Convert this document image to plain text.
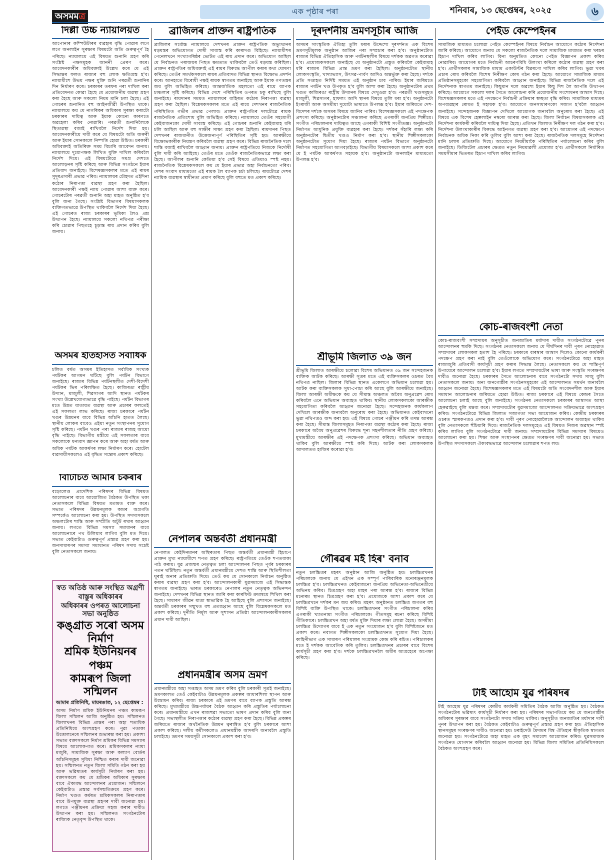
অসমমত্ৰ
এক পৃষ্ঠাৰ পৰা	শনিবাৰ, ১৩ ছেপ্তেম্বৰ, ২০২৫	৬
দিল্লী উচ্চ ন্যায়ালয়ত
আপোনাৰ কম্পিউটাৰৰ ব্যৱহাৰ বৃদ্ধি পোৱাৰ লগে লগে অনলাইন সুৰক্ষাৰ বিষয়টো অতি গুৰুত্বপূৰ্ণ হৈ পৰিছে। ন্যায়ালয়ে এই বিষয়ত শুনানি গ্ৰহণ কৰি সংশ্লিষ্ট পক্ষসমূহক জাননী প্ৰেৰণ কৰে। আবেদনকাৰীৰ অধিবক্তাই উল্লেখ কৰে যে এই সিদ্ধান্তৰ ফলত ৰাজ্যৰ বহু লোক ক্ষতিগ্ৰস্ত হ'ব। ন্যায়াধীশে উভয় পক্ষৰ যুক্তি শুনি পৰৱৰ্তী শুনানিৰ দিন নিৰ্ধাৰণ কৰে। চৰকাৰৰ তৰফৰ পৰা দাখিল কৰা প্ৰতিবেদনত কোৱা হৈছে যে প্ৰয়োজনীয় ব্যৱস্থা গ্ৰহণ কৰা হৈছে আৰু সকলো নিয়ম মানি চলা হৈছে। এই গোচৰৰ শুনানিত বহু আইনজীৱী উপস্থিত থাকে। ন্যায়ালয়ে কয় যে নাগৰিকৰ অধিকাৰ সুৰক্ষা কৰাটো চৰকাৰৰ দায়িত্ব আৰু ইয়াক কোনো কাৰণতে অৱহেলা কৰিব নোৱাৰি। পৰৱৰ্তী শুনানিলৈকে স্থিতাৱস্থা বজাই ৰাখিবলৈ নিৰ্দেশ দিয়া হয়। আবেদনকাৰীয়ে দাবী কৰে যে বিষয়টো অতি জৰুৰী আৰু ইয়াৰ সোনকালে নিষ্পত্তি হোৱা উচিত। চৰকাৰী অধিবক্তাই অতিৰিক্ত সময় বিচাৰি আবেদন জনায়। ন্যায়ালয়ে দুয়োপক্ষক লিখিত যুক্তি দাখিল কৰিবলৈ নিৰ্দেশ দিয়ে। এই বিষয়টোৱে সমগ্ৰ দেশতে আলোড়নৰ সৃষ্টি কৰিছে আৰু বিভিন্ন সংগঠনে ইয়াৰ প্ৰতিবাদ জনাইছে। বিশেষজ্ঞসকলৰ মতে এই ৰায়ৰ সুদূৰপ্ৰসাৰী প্ৰভাৱ পৰিব। ন্যায়ালয়ৰ চৌহদত এইদিনা কঠোৰ নিৰাপত্তা ব্যৱস্থা গ্ৰহণ কৰা হৈছিল। আবেদনকাৰী পক্ষই ন্যায় পোৱাৰ আশা ব্যক্ত কৰে। গোচৰটোৰ পৰৱৰ্তী শুনানি অহা মাহত অনুষ্ঠিত হ'ব বুলি জনা গৈছে। সংশ্লিষ্ট বিভাগৰ বিষয়াসকলক ব্যক্তিগতভাৱে উপস্থিত থাকিবলৈ নিৰ্দেশ দিয়া হৈছে। এই গোচৰত ৰাজ্য চৰকাৰৰ ভূমিকা লৈও প্ৰশ্ন উত্থাপন হৈছে। ন্যায়ালয়ে সকলো নথিপত্ৰ পৰীক্ষা কৰি চোৱাৰ পিছতহে চূড়ান্ত ৰায় প্ৰদান কৰিব বুলি জনায়।
অসমৰ ইতিহাসত সৰ্বাধিক
চলিত বৰ্ষত অসমৰ ইতিহাসত সৰ্বাধিক সংখ্যক পৰ্যটকৰ আগমন ঘটিছে বুলি পৰ্যটন বিভাগে জনাইছে। ৰাজ্যৰ বিভিন্ন পৰ্যটনস্থলীত দেশী-বিদেশী পৰ্যটকৰ ভিৰ পৰিলক্ষিত হৈছে। কাজিৰঙা ৰাষ্ট্ৰীয় উদ্যান, মাজুলী, শিৱসাগৰ আদি স্থানত পৰ্যটকৰ সংখ্যা উল্লেখযোগ্যভাৱে বৃদ্ধি পাইছে। পৰ্যটন বিভাগৰ মতে উন্নত যাতায়ত ব্যৱস্থা আৰু প্ৰচাৰৰ ফলতেই এই সফলতা লাভ কৰিছে। ৰাজ্য চৰকাৰে পৰ্যটন খণ্ডৰ উন্নয়নৰ বাবে বিভিন্ন আঁচনি হাতত লৈছে। স্থানীয় লোকৰ বাবেও এইয়া নতুন সংস্থাপনৰ সুযোগ সৃষ্টি কৰিছে। পৰ্যটন খণ্ডৰ পৰা ৰাজ্যৰ ৰাজহ আয়ো বৃদ্ধি পাইছে। বিভাগীয় মন্ত্ৰীয়ে এই সফলতাৰ বাবে সকলোকে ধন্যবাদ জ্ঞাপন কৰে আৰু অহা বৰ্ষত আৰু অধিক পৰ্যটক আকৰ্ষণৰ লক্ষ্য নিৰ্ধাৰণ কৰে। হোটেল ব্যৱসায়ীসকলেও এই বৃদ্ধিত সন্তোষ প্ৰকাশ কৰিছে।
বিটিচিত আমাৰ চকৰাৰ
বড়োলেণ্ড প্ৰাদেশিক পৰিষদৰ বিভিন্ন বিষয়ত আলোচনাৰ বাবে আয়োজিত বৈঠকত উপস্থিত থকা নেতাসকলে বিভিন্ন বিষয়ত মতামত ব্যক্ত কৰে। সভাত পৰিষদৰ উন্নয়নমূলক কামৰ অগ্ৰগতি সম্পৰ্কেও আলোচনা কৰা হয়। উপস্থিত সদস্যসকলে অঞ্চলটোৰ শান্তি আৰু সম্প্ৰীতি অটুট ৰখাৰ আহ্বান জনায়। লগতে বিভিন্ন সমস্যা সমাধানৰ বাবে আলোচনাৰে পথ উলিয়াব লাগিব বুলি মত দিয়ে। সভাত কেইবাটাও গুৰুত্বপূৰ্ণ প্ৰস্তাৱ গ্ৰহণ কৰা হয়। জনসাধাৰণৰ সমস্যা সমাধানত পৰিষদ সদায় সচেষ্ট বুলি নেতাসকলে জনায়।
স্বত অতিষ্ঠ আৰু সংস্থিত অগ্ৰণী বাস্তুৰ অধিকাৰৰ
অধিকাৰৰ ওপৰত আলোচনা সভা অনুষ্ঠিত
কঙ্গ্ৰাত সৰো অসম নিৰ্মাণ
শ্ৰমিক ইউনিয়নৰ পঞ্চম
কামৰূপ জিলা সন্মিলন
আমাৰ প্ৰতিনিধি, মায়ৰঙাত, ১২ ছেপ্তেম্বৰ :
অসম নিৰ্মাণ শ্ৰমিক ইউনিয়নৰ পঞ্চম কামৰূপ জিলা সন্মিলন আজি অনুষ্ঠিত হয়। সন্মিলনত জিলাখনৰ বিভিন্ন প্ৰান্তৰ পৰা অহা শতাধিক প্ৰতিনিধিয়ে অংশগ্ৰহণ কৰে। পুৱা পতাকা উত্তোলনেৰে সন্মিলনৰ শুভাৰম্ভ কৰা হয়। প্ৰকাশ্য সভাত বক্তাসকলে নিৰ্মাণ শ্ৰমিকৰ বিভিন্ন সমস্যাৰ বিষয়ে আলোকপাত কৰে। শ্ৰমিকসকলৰ ন্যায্য মজুৰি, সামাজিক সুৰক্ষা আৰু কল্যাণ বোৰ্ডৰ আঁচনিসমূহৰ সুবিধা নিশ্চিত কৰাৰ দাবী জনোৱা হয়। সন্মিলনত নতুন জিলা সমিতি গঠন কৰা হয় আৰু ভৱিষ্যতৰ কাৰ্যসূচী নিৰ্ধাৰণ কৰা হয়। বক্তাসকলে কয় যে শ্ৰমিকৰ অধিকাৰ সুৰক্ষাৰ বাবে ঐক্যবদ্ধ আন্দোলনৰ প্ৰয়োজন। সন্মিলনে কেইবাটাও প্ৰস্তাৱ সৰ্বসন্মতিক্ৰমে গ্ৰহণ কৰে। নিৰ্মাণ খণ্ডত কৰ্মৰত শ্ৰমিকসকলৰ নিৰাপত্তাৰ বাবে উপযুক্ত ব্যৱস্থা গ্ৰহণৰ দাবী জনোৱা হয়। লগতে পঞ্জীয়নৰ প্ৰক্ৰিয়া সহজ কৰাৰ দাবীও উত্থাপন কৰা হয়। সন্মিলনত সংগঠনটোৰ ৰাজ্যিক নেতৃবৃন্দ উপস্থিত থাকে।
ব্ৰাজিলৰ প্ৰাক্তন ৰাষ্ট্ৰপতিক
ব্ৰাজিলৰ সৰ্বোচ্চ ন্যায়ালয়ে দেশখনৰ প্ৰাক্তন ৰাষ্ট্ৰপতিক অভ্যুত্থানৰ ষড়যন্ত্ৰৰ অভিযোগত দোষী সাব্যস্ত কৰি কাৰাদণ্ড বিহিছে। ন্যায়াধীশৰ পেনেলখনে সংখ্যাগৰিষ্ঠৰ ভোটত এই ৰায় প্ৰদান কৰে। অভিযোগ আছিল যে নিৰ্বাচনত পৰাজয়ৰ পিছত ক্ষমতাত থাকিবলৈ তেওঁ ষড়যন্ত্ৰ কৰিছিল। প্ৰাক্তন ৰাষ্ট্ৰপতিৰ অধিবক্তাই এই ৰায়ৰ বিৰুদ্ধে আপীল কৰাৰ কথা ঘোষণা কৰিছে। তেওঁৰ সমৰ্থকসকলে ৰায়ৰ প্ৰতিবাদত বিভিন্ন স্থানত বিক্ষোভ প্ৰদৰ্শন কৰে। আনহাতে বিৰোধী পক্ষই ৰায়ক স্বাগতম জনাইছে আৰু ইয়াক গণতন্ত্ৰৰ জয় বুলি অভিহিত কৰিছে। আন্তৰ্জাতিক মহলতো এই ৰায়ে ব্যাপক চাঞ্চল্যৰ সৃষ্টি কৰিছে। বিভিন্ন দেশে পৰিস্থিতিৰ ওপৰত চকু ৰাখিছে বুলি জনাইছে। ৰায়দানৰ সময়ত ন্যায়ালয়ৰ বাহিৰত কঠোৰ নিৰাপত্তা ব্যৱস্থা গ্ৰহণ কৰা হৈছিল। বিশ্লেষকসকলৰ মতে এই ৰায়ে দেশখনৰ ৰাজনৈতিক পৰিস্থিতিত গভীৰ প্ৰভাৱ পেলাব। প্ৰাক্তন ৰাষ্ট্ৰপতিৰ দলটোৱে ৰায়ক ৰাজনৈতিক প্ৰতিশোধ বুলি অভিহিত কৰিছে। ন্যায়ালয়ে তেওঁৰ সহযোগী কেইবাজনকো দোষী সাব্যস্ত কৰিছে। এই গোচৰৰ শুনানি কেইবামাহ ধৰি চলি আছিল আৰু বহু সাক্ষীৰ সাক্ষ্য গ্ৰহণ কৰা হৈছিল। ৰায়দানৰ পিছত দেশখনৰ ৰাজধানীত উত্তেজনাপূৰ্ণ পৰিস্থিতিৰ সৃষ্টি হয়। আৰক্ষীয়ে বিক্ষোভকাৰীক নিয়ন্ত্ৰণ কৰিবলৈ ব্যৱস্থা গ্ৰহণ কৰে। বিভিন্ন ৰাজনৈতিক দলে শান্তি বজাই ৰাখিবলৈ আহ্বান জনায়। প্ৰাক্তন ৰাষ্ট্ৰপতিয়ে নিজকে নিৰ্দোষী বুলি দাবী কৰি আহিছে। তেওঁৰ মতে তেওঁক ৰাজনৈতিকভাৱে লক্ষ্য কৰা হৈছে। আপীলৰ শুনানি কেতিয়া হ'ব সেই বিষয়ে এতিয়াও স্পষ্ট নহয়। ৰাজনৈতিক বিশ্লেষকসকলে কয় যে ইয়াৰ প্ৰভাৱ অহা নিৰ্বাচনতো পৰিব। দেশৰ সংবাদ মাধ্যমতো এই ৰায়ক লৈ ব্যাপক চৰ্চা চলিছে। ৰায়টোৱে দেশৰ ন্যায়িক ব্যৱস্থাৰ স্বাধীনতা প্ৰমাণ কৰিছে বুলি বহুতে মত প্ৰকাশ কৰিছে।
নেপালৰ অন্তৰ্বৰ্তী প্ৰধানমন্ত্ৰী
নেপালত কেইদিনমানৰ অস্থিৰতাৰ পিছত অন্তৰ্বৰ্তী প্ৰধানমন্ত্ৰী হিচাপে প্ৰাক্তন মুখ্য ন্যায়াধীশে শপত গ্ৰহণ কৰিছে। ৰাষ্ট্ৰপতিয়ে তেওঁক শপতবাক্য পাঠ কৰায়। যুৱ প্ৰজন্মৰ নেতৃত্বত চলা আন্দোলনৰ পিছত পূৰ্বৰ চৰকাৰৰ পতন ঘটিছিল। নতুন অন্তৰ্বৰ্তী প্ৰধানমন্ত্ৰীয়ে দেশত শান্তি আৰু স্থিতিশীলতা ঘূৰাই অনাৰ প্ৰতিশ্ৰুতি দিয়ে। তেওঁ কয় যে সোনকালে নিৰ্বাচন অনুষ্ঠিত কৰাৰ ব্যৱস্থা গ্ৰহণ কৰা হ'ব। আন্দোলনকাৰী যুৱসমাজে এই সিদ্ধান্তক স্বাগতম জনাইছে। ভাৰত চৰকাৰেও নেপালৰ নতুন নেতৃত্বক অভিনন্দন জনাইছে। দেশখনৰ বিভিন্ন স্থানত জাৰি কৰা কাৰফিউ ক্ৰমান্বয়ে শিথিল কৰা হৈছে। সাধাৰণ জীৱন যাত্ৰা স্বাভাৱিক হৈ আহিছে বুলি প্ৰশাসনে জনাইছে। অন্তৰ্বৰ্তী চৰকাৰৰ সন্মুখত বহু প্ৰত্যাহ্বান আছে বুলি বিশ্লেষকসকলে মত প্ৰকাশ কৰিছে। দুৰ্নীতি নিৰ্মূল আৰু সুশাসন প্ৰতিষ্ঠা আন্দোলনকাৰীসকলৰ প্ৰধান দাবী আছিল।
প্ৰধানমন্ত্ৰীৰ অসম ভ্ৰমণ
প্ৰধানমন্ত্ৰীয়ে অহা সপ্তাহত অসম ভ্ৰমণ কৰিব বুলি চৰকাৰী সূত্ৰই জনাইছে। ভ্ৰমণকালত তেওঁ কেইবাটাও উন্নয়নমূলক প্ৰকল্পৰ আধাৰশিলা স্থাপন আৰু উদ্বোধন কৰিব। ৰাজ্য চৰকাৰে এই ভ্ৰমণৰ বাবে ব্যাপক প্ৰস্তুতি আৰম্ভ কৰিছে। মুখ্যমন্ত্ৰীয়ে উচ্চপৰ্যায়ৰ বৈঠক আহ্বান কৰি প্ৰস্তুতিৰ পৰ্যালোচনা কৰে। প্ৰধানমন্ত্ৰীয়ে এখন ৰাজহুৱা সভাতো ভাষণ প্ৰদান কৰিব বুলি জনা গৈছে। সভাস্থলীত নিৰাপত্তাৰ কঠোৰ ব্যৱস্থা গ্ৰহণ কৰা হৈছে। বিভিন্ন প্ৰকল্পৰ জৰিয়তে ৰাজ্যৰ অৰ্থনৈতিক উন্নয়ন ত্বৰান্বিত হ'ব বুলি চৰকাৰে আশা প্ৰকাশ কৰিছে। দলীয় কৰ্মীসকলেও প্ৰধানমন্ত্ৰীক আদৰণি জনাবলৈ প্ৰস্তুতি চলাইছে। ভ্ৰমণৰ সময়সূচী সোনকালে প্ৰকাশ কৰা হ'ব।
দূৰদৰ্শনীয় ভ্ৰমণসূচীৰ আজি
অসমৰ সাংস্কৃতিক ঐতিহ্য তুলি ধৰাৰ উদ্দেশ্যে দূৰদৰ্শনত এক বিশেষ ভ্ৰমণসূচীমূলক অনুষ্ঠান আজিৰ পৰা সম্প্ৰচাৰ কৰা হ'ব। অনুষ্ঠানটোত ৰাজ্যৰ বিভিন্ন ঐতিহাসিক আৰু পৰ্যটনস্থলীৰ বিষয়ে দৰ্শকক অৱগত কৰোৱা হ'ব। প্ৰযোজকসকলে জনাইছে যে অনুষ্ঠানটো প্ৰস্তুত কৰিবলৈ কেইবামাহ ধৰি ৰাজ্যৰ বিভিন্ন প্ৰান্ত ভ্ৰমণ কৰা হৈছিল। অনুষ্ঠানটোত স্থানীয় লোকসংস্কৃতি, খাদ্যাভ্যাস, উৎসৱ-পাৰ্বণ আদিও অন্তৰ্ভুক্ত কৰা হৈছে। দৰ্শকে প্ৰতি সপ্তাহত নিৰ্দিষ্ট সময়ত এই অনুষ্ঠান চাব পাৰিব। ইয়াৰ জৰিয়তে ৰাজ্যৰ পৰ্যটন খণ্ড উপকৃত হ'ব বুলি আশা কৰা হৈছে। অনুষ্ঠানটোৰ প্ৰথম খণ্ডত কাজিৰঙা ৰাষ্ট্ৰীয় উদ্যানৰ বিষয়ে দেখুওৱা হ'ব। পৰৱৰ্তী খণ্ডসমূহত মাজুলী, শিৱসাগৰ, হাফলং আদি স্থানৰ বিষয়ে তুলি ধৰা হ'ব। অনুষ্ঠানটো ইংৰাজী আৰু অসমীয়া দুয়োটা ভাষাতে উপলব্ধ হ'ব। ইয়াৰ জৰিয়তে দেশ-বিদেশৰ দৰ্শকে অসমৰ বিষয়ে জানিব পাৰিব। বিশেষজ্ঞসকলে এই পদক্ষেপক প্ৰশংসা কৰিছে। অনুষ্ঠানটোৰ সঞ্চালনা কৰিছে এগৰাকী জনপ্ৰিয় শিল্পীয়ে। সংগীত পৰিচালনাৰ দায়িত্বত আছে এগৰাকী বিশিষ্ট সংগীতজ্ঞ। অনুষ্ঠানটো নিৰ্মাণত আধুনিক প্ৰযুক্তি ব্যৱহাৰ কৰা হৈছে। দৰ্শকৰ সঁহাৰি লক্ষ্য কৰি অনুষ্ঠানটোৰ দ্বিতীয় খণ্ডও নিৰ্মাণ কৰা হ'ব। স্থানীয় শিল্পীসকলকো অনুষ্ঠানটোত সুযোগ দিয়া হৈছে। ৰাজ্যৰ পৰ্যটন বিভাগে অনুষ্ঠানটো নিৰ্মাণত সহযোগিতা আগবঢ়াইছে। বিভাগীয় বিষয়াসকলে আশা প্ৰকাশ কৰে যে ই পৰ্যটক আকৰ্ষণত সহায়ক হ'ব। অনুষ্ঠানটো অনলাইন মাধ্যমতো উপলব্ধ হ'ব।
শ্ৰীভূমি জিলাত ৩৯ জন
শ্ৰীভূমি জিলাত আৰক্ষীয়ে চলোৱা বিশেষ অভিযানত ৩৯ জন সন্দেহজনক ব্যক্তিক আটক কৰিছে। আৰক্ষী সূত্ৰৰ মতে এই ব্যক্তিসকলৰ ওচৰত বৈধ নথিপত্ৰ নাছিল। জিলাৰ বিভিন্ন স্থানত একেলগে অভিযান চলোৱা হয়। আটক কৰা ব্যক্তিসকলক সুধা-পোচা কৰি আছে বুলি আৰক্ষীয়ে জনাইছে। জিলা আৰক্ষী অধীক্ষকে কয় যে সীমান্ত অঞ্চলত অবৈধ অনুপ্ৰৱেশ ৰোধ কৰিবলৈ এনে অভিযান অব্যাহত থাকিব। স্থানীয় লোকসকলকো আৰক্ষীক সহযোগিতা কৰিবলৈ আহ্বান জনোৱা হৈছে। সন্দেহজনক কাৰ্যকলাপ দেখিলে আৰক্ষীক জনাবলৈ অনুৰোধ কৰা হৈছে। অভিযানত কেইবাখনো ভুৱা নথিপত্ৰও জব্দ কৰা হয়। এই বিষয়ে গোচৰ পঞ্জীয়ন কৰি তদন্ত আৰম্ভ কৰা হৈছে। সীমান্ত জিলাসমূহত নিৰাপত্তা ব্যৱস্থা কঠোৰ কৰা হৈছে। ৰাজ্য চৰকাৰে অবৈধ অনুপ্ৰৱেশৰ বিৰুদ্ধে শূন্য সহনশীলতাৰ নীতি গ্ৰহণ কৰিছে। মুখ্যমন্ত্ৰীয়ে আৰক্ষীৰ এই পদক্ষেপক প্ৰশংসা কৰিছে। অভিযান অব্যাহত থাকিব বুলি আৰক্ষীয়ে স্পষ্ট কৰি দিছে। আটক কৰা লোকসকলক আদালতত হাজিৰ কৰোৱা হ'ব।
গৌৰৱৰ মই হিৰ' বনাব
নতুন চলচ্চিত্ৰৰ মহৰৎ অনুষ্ঠান আজি অনুষ্ঠিত হয়। চলচ্চিত্ৰখনৰ পৰিচালকে জনায় যে এইখন এক সম্পূৰ্ণ পাৰিবাৰিক মনোৰঞ্জনমূলক চলচ্চিত্ৰ হ'ব। চলচ্চিত্ৰখনত কেইবাজনো জনপ্ৰিয় অভিনেতা-অভিনেত্ৰীয়ে অভিনয় কৰিব। চিত্ৰগ্ৰহণ অহা মাহৰ পৰা আৰম্ভ হ'ব। ৰাজ্যৰ বিভিন্ন মনোৰম স্থানত চিত্ৰগ্ৰহণ কৰা হ'ব। প্ৰযোজকে আশা প্ৰকাশ কৰে যে চলচ্চিত্ৰখনে দৰ্শকৰ মন জয় কৰিব। মহৰৎ অনুষ্ঠানত চলচ্চিত্ৰ জগতৰ বহু বিশিষ্ট ব্যক্তি উপস্থিত থাকে। চলচ্চিত্ৰখনৰ সংগীত পৰিচালনা কৰিব এগৰাকী খ্যাতনামা সংগীত পৰিচালকে। গীতসমূহ ৰচনা কৰিছে বিশিষ্ট গীতিকাৰে। চলচ্চিত্ৰখন অহা বৰ্ষত মুক্তি দিয়াৰ লক্ষ্য লোৱা হৈছে। অসমীয়া চলচ্চিত্ৰ উদ্যোগৰ বাবে ই এক নতুন সংযোজন হ'ব বুলি বিশিষ্টজনে মত প্ৰকাশ কৰে। নবাগত শিল্পীসকলকো চলচ্চিত্ৰখনত সুযোগ দিয়া হৈছে। কাহিনীভাগ এক সাধাৰণ পৰিয়ালৰ সংগ্ৰামক কেন্দ্ৰ কৰি ৰচিত। পৰিচালকৰ মতে ই দৰ্শকক আবেগিক কৰি তুলিব। চলচ্চিত্ৰখনৰ প্ৰচাৰৰ বাবে বিশেষ কাৰ্যসূচী গ্ৰহণ কৰা হ'ব। দৰ্শকে চলচ্চিত্ৰখনলৈ অধীৰ আগ্ৰহেৰে অপেক্ষা কৰিছে।
পেইড কেম্পেইনৰ
সামাজিক মাধ্যমত চলোৱা পেইড কেম্পেইনৰ বিষয়ে নিৰ্বাচন আয়োগে কঠোৰ নিৰ্দেশনা জাৰি কৰিছে। আয়োগে জনায় যে সকলো ৰাজনৈতিক দলে সামাজিক মাধ্যমত কৰা খৰচৰ হিচাপ দাখিল কৰিব লাগিব। বিনা অনুমতিত কোনো পেইড বিজ্ঞাপন প্ৰকাশ কৰিব নোৱাৰিব। আয়োগৰ মতে নিৰ্বাচনী আচৰণবিধি উলংঘা কৰিলে কঠোৰ ব্যৱস্থা গ্ৰহণ কৰা হ'ব। প্ৰাৰ্থীসকলৰ সামাজিক মাধ্যম একাউণ্টৰ বিৱৰণো দাখিল কৰিব লাগিব। ভুৱা খবৰ প্ৰচাৰ ৰোধ কৰিবলৈ বিশেষ নিৰীক্ষণ কোষ গঠন কৰা হৈছে। আয়োগে সামাজিক মাধ্যম প্ৰতিষ্ঠানসমূহকো সহযোগিতা কৰিবলৈ আহ্বান জনাইছে। বিভিন্ন ৰাজনৈতিক দলে এই নিৰ্দেশনাক স্বাগতম জনাইছে। কিছুমান দলে অৱশ্যে ইয়াৰ কিছু দিশ লৈ আপত্তি উত্থাপন কৰিছে। আয়োগে সকলো দলৰ সৈতে আলোচনা কৰি প্ৰয়োজনীয় সংশোধনৰ আশ্বাস দিছে। বিশেষজ্ঞসকলৰ মতে এই পদক্ষেপে নিৰ্বাচনী প্ৰক্ৰিয়াৰ স্বচ্ছতা বৃদ্ধি কৰিব। সামাজিক মাধ্যমৰ অপব্যৱহাৰ ৰোধত ই সহায়ক হ'ব। আয়োগে জনসাধাৰণকো সজাগ হ'বলৈ আহ্বান জনাইছে। সন্দেহজনক বিজ্ঞাপন দেখিলে আয়োগক জনাবলৈ অনুৰোধ কৰা হৈছে। এই বিষয়ে এক বিশেষ হেল্পলাইন নম্বৰো আৰম্ভ কৰা হৈছে। জিলা নিৰ্বাচন বিষয়াসকলক এই নিৰ্দেশনা কাৰ্যকৰী কৰিবলৈ দায়িত্ব দিয়া হৈছে। প্ৰতিখন জিলাত নিৰীক্ষণ দল গঠন কৰা হ'ব। নিৰ্দেশনা উলংঘাকাৰীৰ বিৰুদ্ধে আইনগত ব্যৱস্থা গ্ৰহণ কৰা হ'ব। আয়োগৰ এই পদক্ষেপে নিৰ্বাচনক অধিক নিকা কৰি তুলিব বুলি আশা কৰা হৈছে। ৰাজনৈতিক দলসমূহে নিৰ্দেশনা মানি চলাৰ প্ৰতিশ্ৰুতি দিছে। আয়োগে নিয়মীয়াকৈ পৰিস্থিতিৰ পৰ্যালোচনা কৰিব বুলি জনাইছে। ডিজিটেল প্ৰচাৰৰ ক্ষেত্ৰত নতুন নিয়মাৱলী প্ৰযোজ্য হ'ব। প্ৰাৰ্থীসকলে নিৰ্ধাৰিত সময়সীমাৰ ভিতৰত হিচাপ দাখিল কৰিব লাগিব।
কোচ-ৰাজবংশী নেতা
কোচ-ৰাজবংশী সম্প্ৰদায়ৰ অনুসূচীত জনজাতিৰ মৰ্যাদাৰ দাবীত সংগঠনটোৱে পুনৰ আন্দোলনৰ হুমকি দিছে। সংগঠনৰ নেতাসকলে জনায় যে দীৰ্ঘদিনৰ দাবী পূৰণ নোহোৱাত সম্প্ৰদায়ৰ লোকসকল হতাশ হৈ পৰিছে। চৰকাৰে বাৰম্বাৰ আশ্বাস দিলেও কোনো কাৰ্যকৰী পদক্ষেপ গ্ৰহণ কৰা নাই বুলি তেওঁলোকে অভিযোগ কৰে। সংগঠনটোৱে অহা মাহত ৰাজ্যজুৰি প্ৰতিবাদী কাৰ্যসূচী গ্ৰহণ কৰাৰ সিদ্ধান্ত লৈছে। নেতাসকলে কয় যে শান্তিপূৰ্ণ উপায়েৰে আন্দোলন চলোৱা হ'ব। ইয়াৰ লগতে সম্প্ৰদায়টোৰ ভাষা আৰু সংস্কৃতি সংৰক্ষণৰ দাবীও জনোৱা হৈছে। চৰকাৰৰ সৈতে আলোচনাৰ বাবে সংগঠনটো সদায় সাজু বুলি নেতাসকলে জনায়। অন্য জনগোষ্ঠীৰ সংগঠনসমূহকো এই আন্দোলনত সমৰ্থন জনাবলৈ আহ্বান জনোৱা হৈছে। বিশেষজ্ঞসকলৰ মতে এই বিষয়টো অতি সংবেদনশীল আৰু ইয়াৰ সমাধান আলোচনাৰ জৰিয়তে হোৱা উচিত। ৰাজ্য চৰকাৰে এই বিষয়ে কেন্দ্ৰৰ সৈতে আলোচনা চলাই আছে বুলি জনাইছে। সংগঠনৰ নেতাসকলে চৰকাৰৰ আশ্বাসত আস্থা হেৰুৱাইছে বুলি মন্তব্য কৰে। সম্প্ৰদায়টোৰ যুৱসমাজো আন্দোলনত সক্ৰিয়ভাৱে অংশগ্ৰহণ কৰিব। সংগঠনটোৱে বিভিন্ন জিলাত সজাগতা সভা আয়োজন কৰিব। কেন্দ্ৰীয় চৰকাৰৰ ওচৰত স্মাৰকপত্ৰও প্ৰদান কৰা হ'ব। দাবী পূৰণ নোহোৱালৈকে আন্দোলন অব্যাহত থাকিব বুলি নেতাসকলে হুঁচিয়াৰি দিয়ে। ৰাজনৈতিক দলসমূহেও এই বিষয়ত নিজৰ অৱস্থান স্পষ্ট কৰিব লাগিব বুলি সংগঠনটোৱে দাবী জনায়। সম্প্ৰদায়টোৰ বিভিন্ন সমস্যাৰ বিষয়েও আলোচনা কৰা হয়। শিক্ষা আৰু সংস্থাপনৰ ক্ষেত্ৰত সংৰক্ষণৰ দাবী জনোৱা হয়। সভাত উপস্থিত সদস্যসকলে ঐক্যবদ্ধভাৱে আন্দোলন চলোৱাৰ শপত লয়।
টাই আহোম যুৱ পৰিষদৰ
টাই আহোম যুৱ পৰিষদৰ কেন্দ্ৰীয় কাৰ্যকৰী সমিতিৰ বৈঠক আজি অনুষ্ঠিত হয়। বৈঠকত সংগঠনটোৰ ভৱিষ্যৎ কাৰ্যসূচী নিৰ্ধাৰণ কৰা হয়। পৰিষদৰ সভাপতিয়ে কয় যে জনগোষ্ঠীৰ অধিকাৰ সুৰক্ষাৰ বাবে সংগঠনটো সদায় সক্ৰিয় থাকিব। অনুসূচীত জনজাতিৰ মৰ্যাদাৰ দাবী পুনৰ উত্থাপন কৰা হয়। বৈঠকত কেইবাটাও গুৰুত্বপূৰ্ণ প্ৰস্তাৱ গ্ৰহণ কৰা হয়। ঐতিহাসিক স্থানসমূহৰ সংৰক্ষণৰ দাবীও জনোৱা হয়। চৰাইদেউ মৈদামৰ বিশ্ব ঐতিহ্যৰ স্বীকৃতিক স্বাগতম জনোৱা হয়। সংগঠনটোৱে অহা মাহত এক বৃহৎ সমাবেশ আয়োজন কৰিব। যুৱসমাজক সংগঠনত যোগদান কৰিবলৈ আহ্বান জনোৱা হয়। বিভিন্ন জিলা সমিতিৰ প্ৰতিনিধিসকলে বৈঠকত অংশগ্ৰহণ কৰে।
